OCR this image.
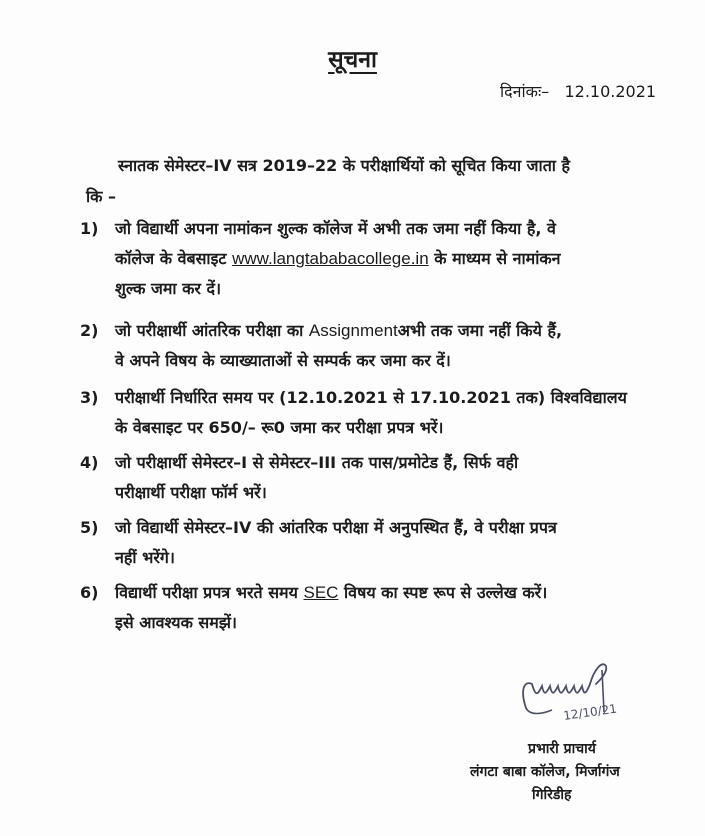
सूचना
दिनांकः– 12.10.2021
स्नातक सेमेस्टर–IV सत्र 2019–22 के परीक्षार्थियों को सूचित किया जाता है
कि –
1)	जो विद्यार्थी अपना नामांकन शुल्क कॉलेज में अभी तक जमा नहीं किया है, वे
कॉलेज के वेबसाइट www.langtababacollege.in के माध्यम से नामांकन
शुल्क जमा कर दें।
2)	जो परीक्षार्थी आंतरिक परीक्षा का Assignmentअभी तक जमा नहीं किये हैं,
वे अपने विषय के व्याख्याताओं से सम्पर्क कर जमा कर दें।
3)	परीक्षार्थी निर्धारित समय पर (12.10.2021 से 17.10.2021 तक) विश्वविद्यालय
के वेबसाइट पर 650/– रू0 जमा कर परीक्षा प्रपत्र भरें।
4)	जो परीक्षार्थी सेमेस्टर–I से सेमेस्टर–III तक पास/प्रमोटेड हैं, सिर्फ वही
परीक्षार्थी परीक्षा फॉर्म भरें।
5)	जो विद्यार्थी सेमेस्टर–IV की आंतरिक परीक्षा में अनुपस्थित हैं, वे परीक्षा प्रपत्र
नहीं भरेंगे।
6)	विद्यार्थी परीक्षा प्रपत्र भरते समय SEC विषय का स्पष्ट रूप से उल्लेख करें।
इसे आवश्यक समझें।
12/10/21
प्रभारी प्राचार्य
लंगटा बाबा कॉलेज, मिर्जागंज
गिरिडीह
